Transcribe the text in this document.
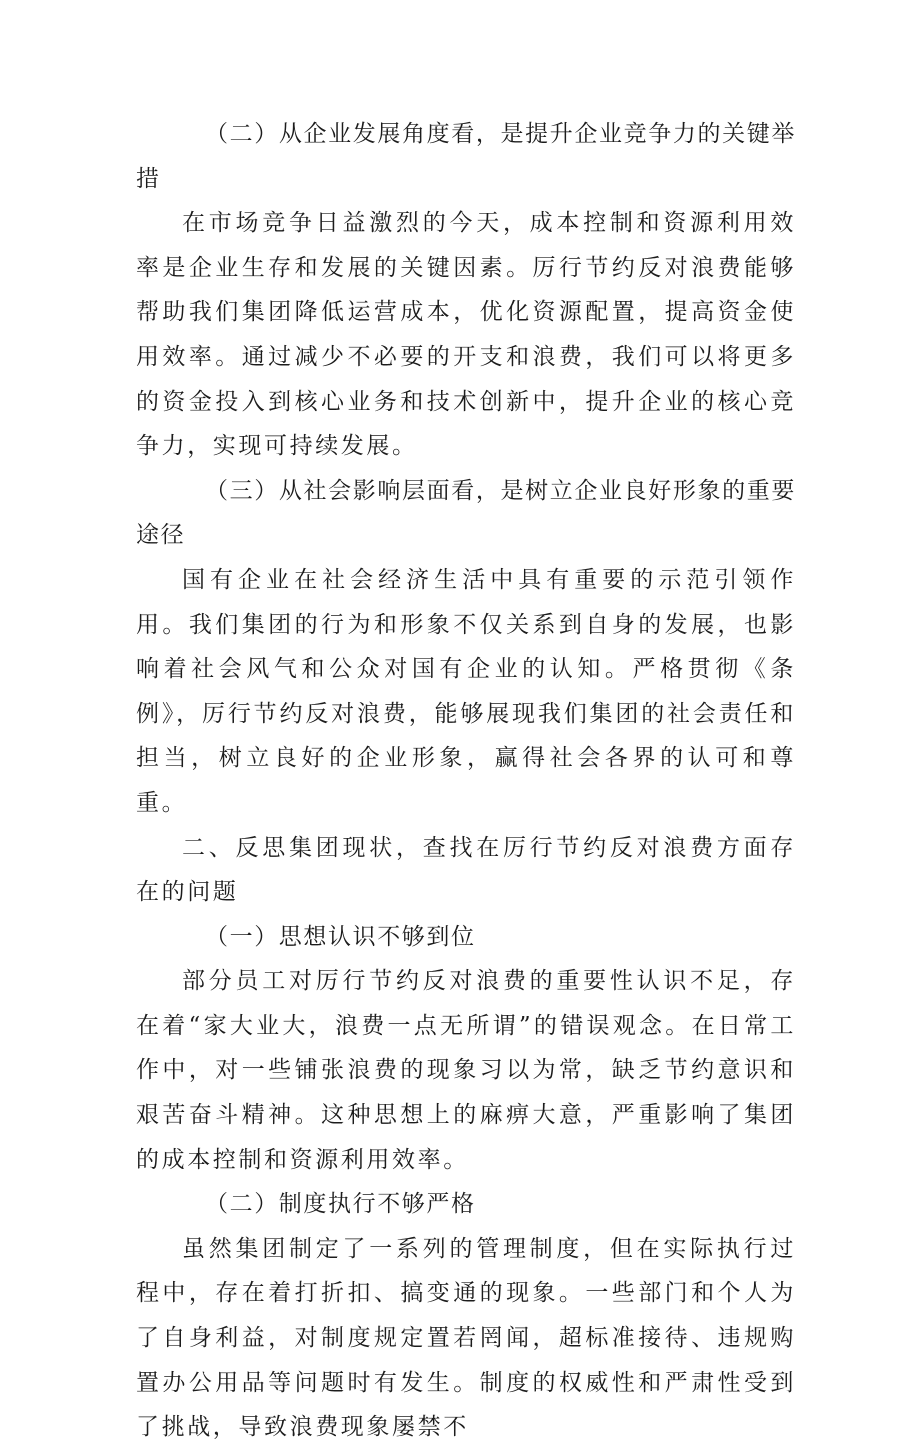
（二）从企业发展角度看，是提升企业竞争力的关键举措

在市场竞争日益激烈的今天，成本控制和资源利用效率是企业生存和发展的关键因素。厉行节约反对浪费能够帮助我们集团降低运营成本，优化资源配置，提高资金使用效率。通过减少不必要的开支和浪费，我们可以将更多的资金投入到核心业务和技术创新中，提升企业的核心竞争力，实现可持续发展。

（三）从社会影响层面看，是树立企业良好形象的重要途径

国有企业在社会经济生活中具有重要的示范引领作用。我们集团的行为和形象不仅关系到自身的发展，也影响着社会风气和公众对国有企业的认知。严格贯彻《条例》，厉行节约反对浪费，能够展现我们集团的社会责任和担当，树立良好的企业形象，赢得社会各界的认可和尊重。

二、反思集团现状，查找在厉行节约反对浪费方面存在的问题

（一）思想认识不够到位

部分员工对厉行节约反对浪费的重要性认识不足，存在着“家大业大，浪费一点无所谓”的错误观念。在日常工作中，对一些铺张浪费的现象习以为常，缺乏节约意识和艰苦奋斗精神。这种思想上的麻痹大意，严重影响了集团的成本控制和资源利用效率。

（二）制度执行不够严格

虽然集团制定了一系列的管理制度，但在实际执行过程中，存在着打折扣、搞变通的现象。一些部门和个人为了自身利益，对制度规定置若罔闻，超标准接待、违规购置办公用品等问题时有发生。制度的权威性和严肃性受到了挑战，导致浪费现象屡禁不
